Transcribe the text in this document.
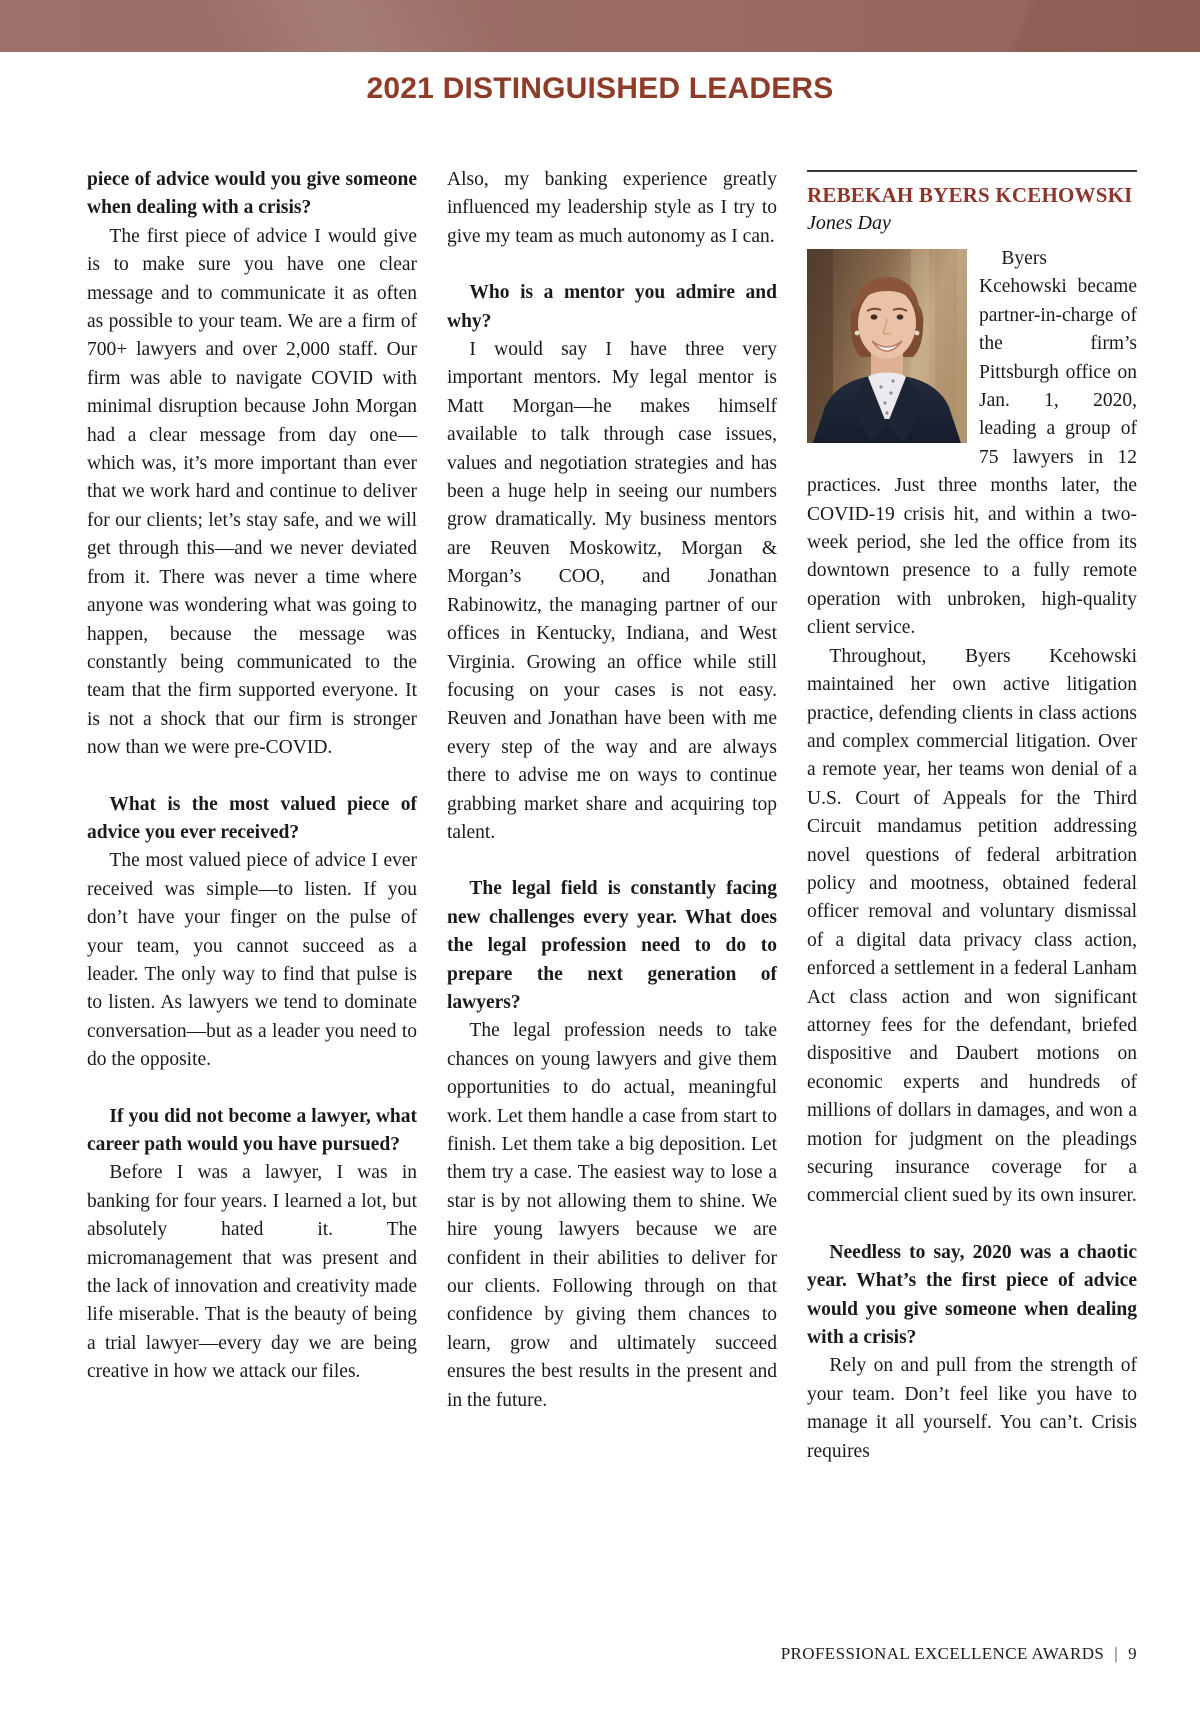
2021 DISTINGUISHED LEADERS

piece of advice would you give someone when dealing with a crisis?

The first piece of advice I would give is to make sure you have one clear message and to communicate it as often as possible to your team. We are a firm of 700+ lawyers and over 2,000 staff. Our firm was able to navigate COVID with minimal disruption because John Morgan had a clear message from day one—which was, it’s more important than ever that we work hard and continue to deliver for our clients; let’s stay safe, and we will get through this—and we never deviated from it. There was never a time where anyone was wondering what was going to happen, because the message was constantly being communicated to the team that the firm supported everyone. It is not a shock that our firm is stronger now than we were pre-COVID.

What is the most valued piece of advice you ever received?

The most valued piece of advice I ever received was simple—to listen. If you don’t have your finger on the pulse of your team, you cannot succeed as a leader. The only way to find that pulse is to listen. As lawyers we tend to dominate conversation—but as a leader you need to do the opposite.

If you did not become a lawyer, what career path would you have pursued?

Before I was a lawyer, I was in banking for four years. I learned a lot, but absolutely hated it. The micromanagement that was present and the lack of innovation and creativity made life miserable. That is the beauty of being a trial lawyer—every day we are being creative in how we attack our files.

Also, my banking experience greatly influenced my leadership style as I try to give my team as much autonomy as I can.

Who is a mentor you admire and why?

I would say I have three very important mentors. My legal mentor is Matt Morgan—he makes himself available to talk through case issues, values and negotiation strategies and has been a huge help in seeing our numbers grow dramatically. My business mentors are Reuven Moskowitz, Morgan & Morgan’s COO, and Jonathan Rabinowitz, the managing partner of our offices in Kentucky, Indiana, and West Virginia. Growing an office while still focusing on your cases is not easy. Reuven and Jonathan have been with me every step of the way and are always there to advise me on ways to continue grabbing market share and acquiring top talent.

The legal field is constantly facing new challenges every year. What does the legal profession need to do to prepare the next generation of lawyers?

The legal profession needs to take chances on young lawyers and give them opportunities to do actual, meaningful work. Let them handle a case from start to finish. Let them take a big deposition. Let them try a case. The easiest way to lose a star is by not allowing them to shine. We hire young lawyers because we are confident in their abilities to deliver for our clients. Following through on that confidence by giving them chances to learn, grow and ultimately succeed ensures the best results in the present and in the future.

REBEKAH BYERS KCEHOWSKI
Jones Day

Byers Kcehowski became partner-in-charge of the firm’s Pittsburgh office on Jan. 1, 2020, leading a group of 75 lawyers in 12 practices. Just three months later, the COVID-19 crisis hit, and within a two-week period, she led the office from its downtown presence to a fully remote operation with unbroken, high-quality client service.

Throughout, Byers Kcehowski maintained her own active litigation practice, defending clients in class actions and complex commercial litigation. Over a remote year, her teams won denial of a U.S. Court of Appeals for the Third Circuit mandamus petition addressing novel questions of federal arbitration policy and mootness, obtained federal officer removal and voluntary dismissal of a digital data privacy class action, enforced a settlement in a federal Lanham Act class action and won significant attorney fees for the defendant, briefed dispositive and Daubert motions on economic experts and hundreds of millions of dollars in damages, and won a motion for judgment on the pleadings securing insurance coverage for a commercial client sued by its own insurer.

Needless to say, 2020 was a chaotic year. What’s the first piece of advice would you give someone when dealing with a crisis?

Rely on and pull from the strength of your team. Don’t feel like you have to manage it all yourself. You can’t. Crisis requires

PROFESSIONAL EXCELLENCE AWARDS | 9
